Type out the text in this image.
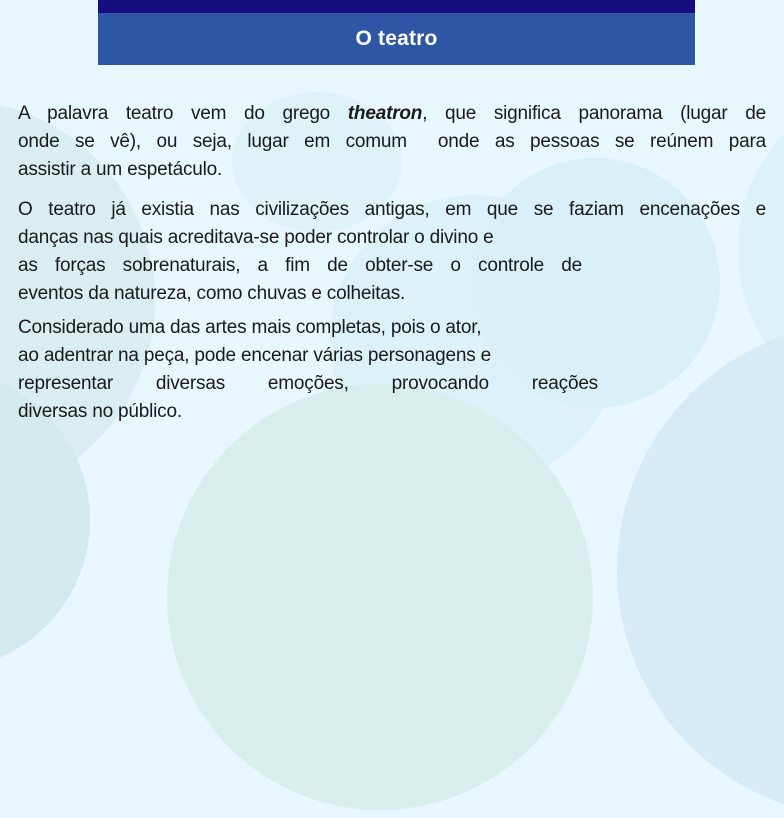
O teatro
A palavra teatro vem do grego theatron, que significa panorama (lugar de
onde se vê), ou seja, lugar em comum  onde as pessoas se reúnem para
assistir a um espetáculo.
O teatro já existia nas civilizações antigas, em que se faziam encenações e
danças nas quais acreditava-se poder controlar o divino e
as forças sobrenaturais, a fim de obter-se o controle de
eventos da natureza, como chuvas e colheitas.
Considerado uma das artes mais completas, pois o ator,
ao adentrar na peça, pode encenar várias personagens e
representar diversas emoções, provocando reações
diversas no público.
